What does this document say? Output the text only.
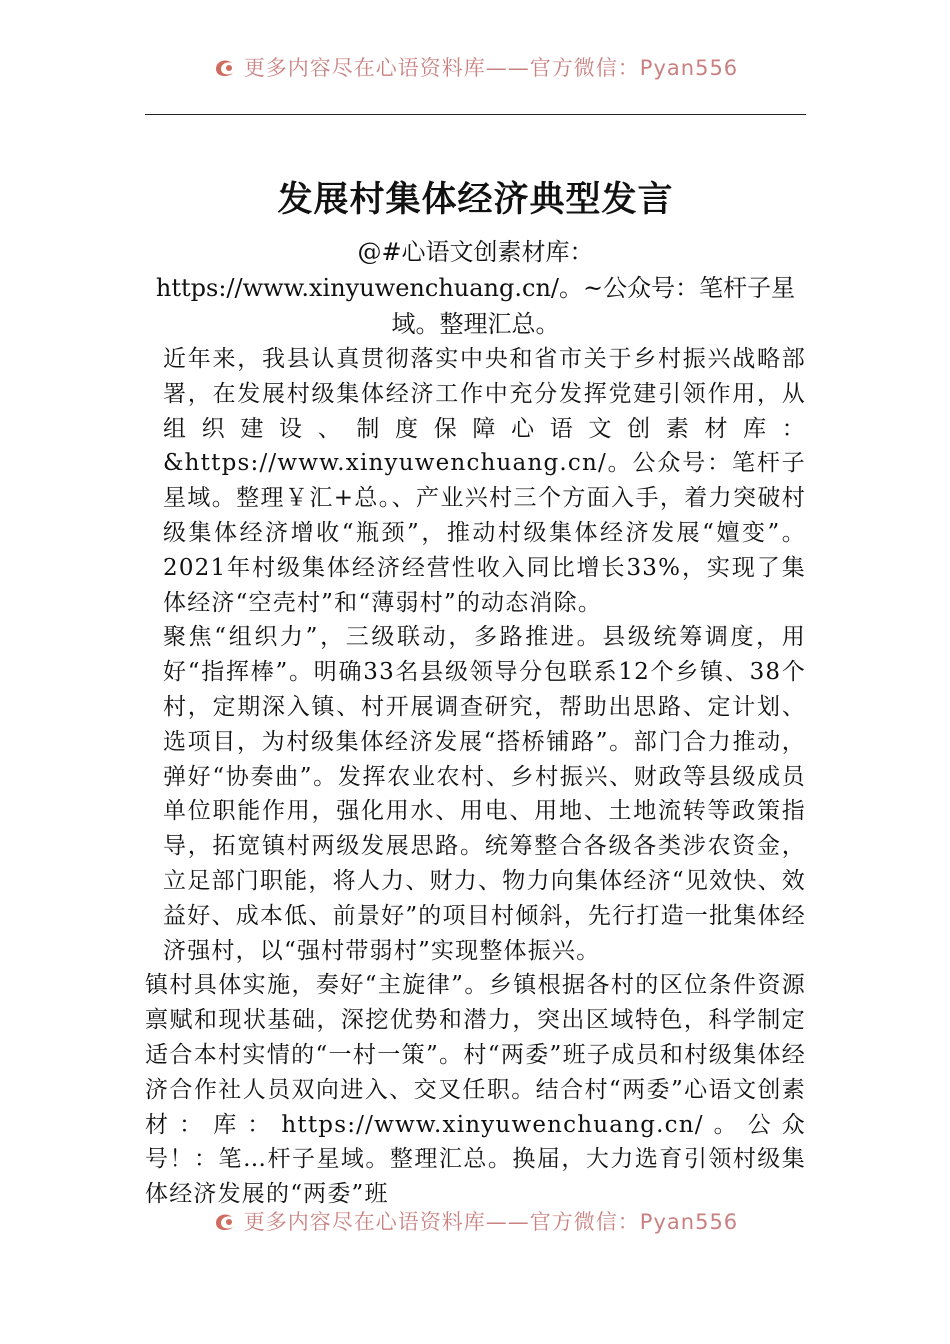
更多内容尽在心语资料库——官方微信：Pyan556
发展村集体经济典型发言

@#心语文创素材库：https://www.xinyuwenchuang.cn/。~公众号：笔杆子星域。整理汇总。

近年来，我县认真贯彻落实中央和省市关于乡村振兴战略部署，在发展村级集体经济工作中充分发挥党建引领作用，从组织建设、制度保障心语文创素材库：&https://www.xinyuwenchuang.cn/。公众号：笔杆子星域。整理￥汇+总。、产业兴村三个方面入手，着力突破村级集体经济增收“瓶颈”，推动村级集体经济发展“嬗变”。2021年村级集体经济经营性收入同比增长33%，实现了集体经济“空壳村”和“薄弱村”的动态消除。

聚焦“组织力”，三级联动，多路推进。县级统筹调度，用好“指挥棒”。明确33名县级领导分包联系12个乡镇、38个村，定期深入镇、村开展调查研究，帮助出思路、定计划、选项目，为村级集体经济发展“搭桥铺路”。部门合力推动，弹好“协奏曲”。发挥农业农村、乡村振兴、财政等县级成员单位职能作用，强化用水、用电、用地、土地流转等政策指导，拓宽镇村两级发展思路。统筹整合各级各类涉农资金，立足部门职能，将人力、财力、物力向集体经济“见效快、效益好、成本低、前景好”的项目村倾斜，先行打造一批集体经济强村，以“强村带弱村”实现整体振兴。

镇村具体实施，奏好“主旋律”。乡镇根据各村的区位条件资源禀赋和现状基础，深挖优势和潜力，突出区域特色，科学制定适合本村实情的“一村一策”。村“两委”班子成员和村级集体经济合作社人员双向进入、交叉任职。结合村“两委”心语文创素材：库：https://www.xinyuwenchuang.cn/。公众号！：笔…杆子星域。整理汇总。换届，大力选育引领村级集体经济发展的“两委”班

更多内容尽在心语资料库——官方微信：Pyan556
